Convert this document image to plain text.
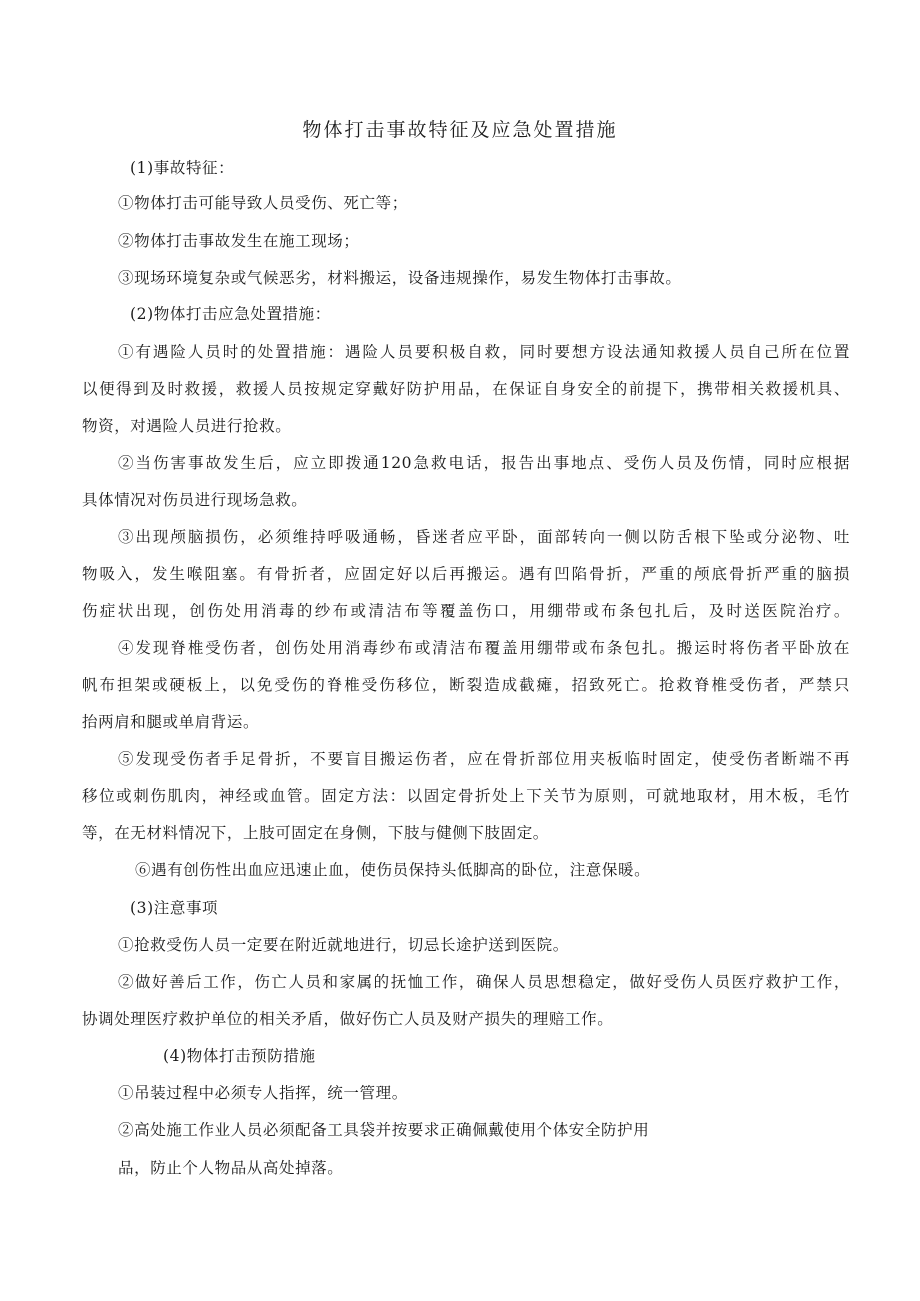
物体打击事故特征及应急处置措施
(1)事故特征：
①物体打击可能导致人员受伤、死亡等；
②物体打击事故发生在施工现场；
③现场环境复杂或气候恶劣，材料搬运，设备违规操作，易发生物体打击事故。
(2)物体打击应急处置措施：
①有遇险人员时的处置措施：遇险人员要积极自救，同时要想方设法通知救援人员自己所在位置
以便得到及时救援，救援人员按规定穿戴好防护用品，在保证自身安全的前提下，携带相关救援机具、
物资，对遇险人员进行抢救。
②当伤害事故发生后，应立即拨通120急救电话，报告出事地点、受伤人员及伤情，同时应根据
具体情况对伤员进行现场急救。
③出现颅脑损伤，必须维持呼吸通畅，昏迷者应平卧，面部转向一侧以防舌根下坠或分泌物、吐
物吸入，发生喉阻塞。有骨折者，应固定好以后再搬运。遇有凹陷骨折，严重的颅底骨折严重的脑损
伤症状出现，创伤处用消毒的纱布或清洁布等覆盖伤口，用绷带或布条包扎后，及时送医院治疗。
④发现脊椎受伤者，创伤处用消毒纱布或清洁布覆盖用绷带或布条包扎。搬运时将伤者平卧放在
帆布担架或硬板上，以免受伤的脊椎受伤移位，断裂造成截瘫，招致死亡。抢救脊椎受伤者，严禁只
抬两肩和腿或单肩背运。
⑤发现受伤者手足骨折，不要盲目搬运伤者，应在骨折部位用夹板临时固定，使受伤者断端不再
移位或刺伤肌肉，神经或血管。固定方法：以固定骨折处上下关节为原则，可就地取材，用木板，毛竹
等，在无材料情况下，上肢可固定在身侧，下肢与健侧下肢固定。
⑥遇有创伤性出血应迅速止血，使伤员保持头低脚高的卧位，注意保暖。
(3)注意事项
①抢救受伤人员一定要在附近就地进行，切忌长途护送到医院。
②做好善后工作，伤亡人员和家属的抚恤工作，确保人员思想稳定，做好受伤人员医疗救护工作，
协调处理医疗救护单位的相关矛盾，做好伤亡人员及财产损失的理赔工作。
(4)物体打击预防措施
①吊装过程中必须专人指挥，统一管理。
②高处施工作业人员必须配备工具袋并按要求正确佩戴使用个体安全防护用
品，防止个人物品从高处掉落。
